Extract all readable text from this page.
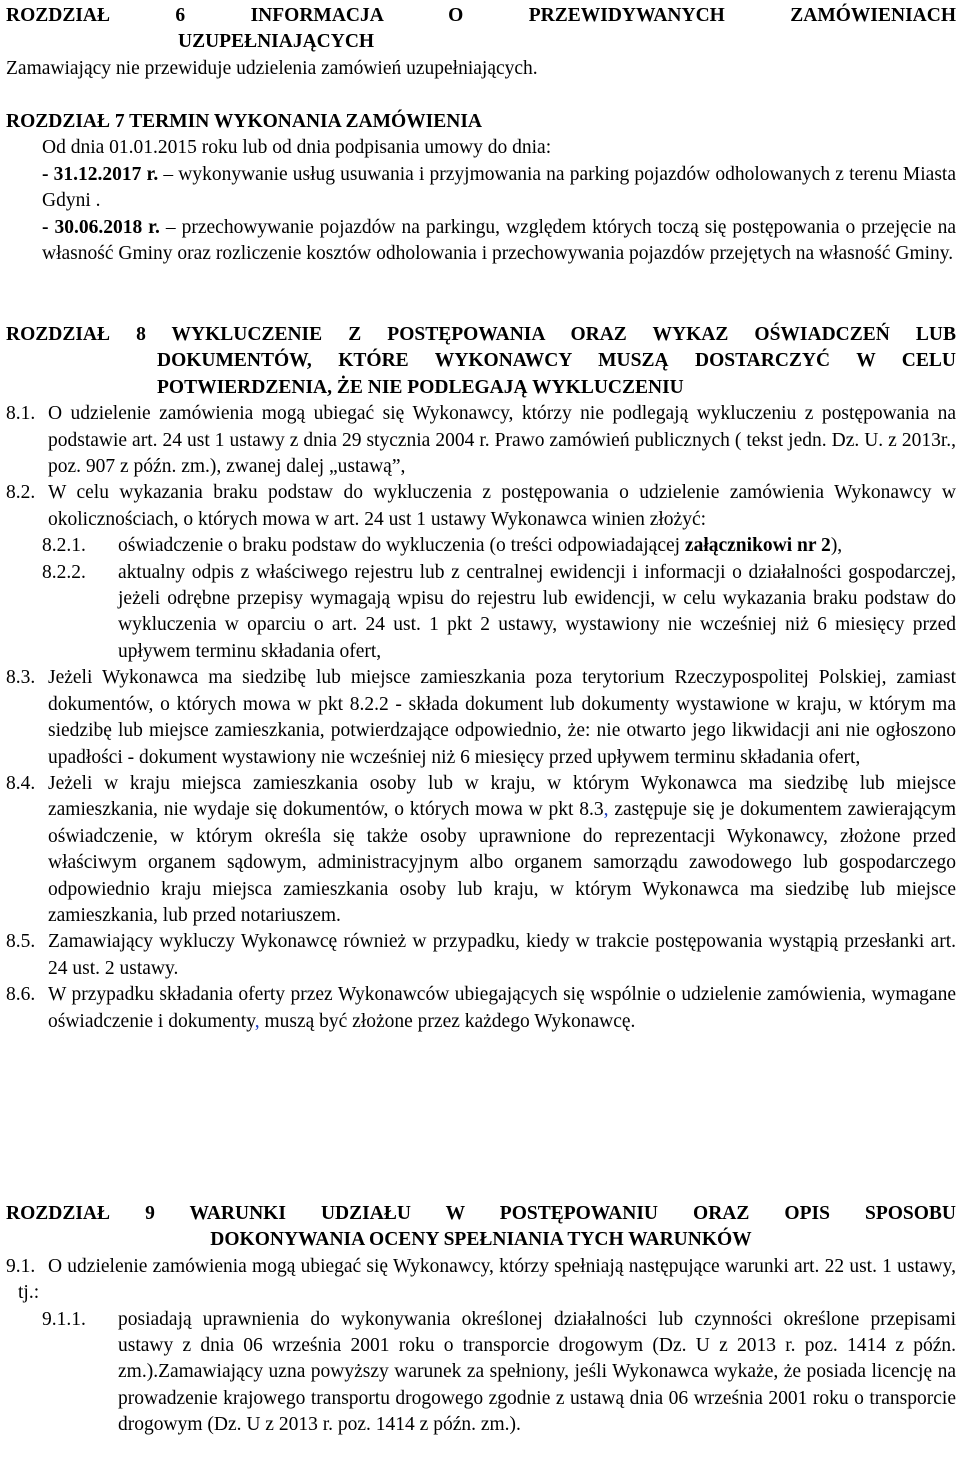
ROZDZIAŁ 6 INFORMACJA O PRZEWIDYWANYCH ZAMÓWIENIACH

UZUPEŁNIAJĄCYCH

Zamawiający nie przewiduje udzielenia zamówień uzupełniających.

ROZDZIAŁ 7 TERMIN WYKONANIA ZAMÓWIENIA

Od dnia 01.01.2015 roku lub od dnia podpisania umowy do dnia:

- 31.12.2017 r. – wykonywanie usług usuwania i przyjmowania na parking pojazdów odholowanych z terenu Miasta Gdyni .

- 30.06.2018 r. – przechowywanie pojazdów na parkingu, względem których toczą się postępowania o przejęcie na własność Gminy oraz rozliczenie kosztów odholowania i przechowywania pojazdów przejętych na własność Gminy.

ROZDZIAŁ 8 WYKLUCZENIE Z POSTĘPOWANIA ORAZ WYKAZ OŚWIADCZEŃ LUB

DOKUMENTÓW, KTÓRE WYKONAWCY MUSZĄ DOSTARCZYĆ W CELU POTWIERDZENIA, ŻE NIE PODLEGAJĄ WYKLUCZENIU

8.1. O udzielenie zamówienia mogą ubiegać się Wykonawcy, którzy nie podlegają wykluczeniu z postępowania na podstawie art. 24 ust 1 ustawy z dnia 29 stycznia 2004 r. Prawo zamówień publicznych ( tekst jedn. Dz. U. z 2013r., poz. 907 z późn. zm.), zwanej dalej „ustawą”,

8.2. W celu wykazania braku podstaw do wykluczenia z postępowania o udzielenie zamówienia Wykonawcy w okolicznościach, o których mowa w art. 24 ust 1 ustawy Wykonawca winien złożyć:

8.2.1.	oświadczenie o braku podstaw do wykluczenia (o treści odpowiadającej załącznikowi nr 2),

8.2.2.	aktualny odpis z właściwego rejestru lub z centralnej ewidencji i informacji o działalności gospodarczej, jeżeli odrębne przepisy wymagają wpisu do rejestru lub ewidencji, w celu wykazania braku podstaw do wykluczenia w oparciu o art. 24 ust. 1 pkt 2 ustawy, wystawiony nie wcześniej niż 6 miesięcy przed upływem terminu składania ofert,

8.3. Jeżeli Wykonawca ma siedzibę lub miejsce zamieszkania poza terytorium Rzeczypospolitej Polskiej, zamiast dokumentów, o których mowa w pkt 8.2.2 - składa dokument lub dokumenty wystawione w kraju, w którym ma siedzibę lub miejsce zamieszkania, potwierdzające odpowiednio, że: nie otwarto jego likwidacji ani nie ogłoszono upadłości - dokument wystawiony nie wcześniej niż 6 miesięcy przed upływem terminu składania ofert,

8.4. Jeżeli w kraju miejsca zamieszkania osoby lub w kraju, w którym Wykonawca ma siedzibę lub miejsce zamieszkania, nie wydaje się dokumentów, o których mowa w pkt 8.3, zastępuje się je dokumentem zawierającym oświadczenie, w którym określa się także osoby uprawnione do reprezentacji Wykonawcy, złożone przed właściwym organem sądowym, administracyjnym albo organem samorządu zawodowego lub gospodarczego odpowiednio kraju miejsca zamieszkania osoby lub kraju, w którym Wykonawca ma siedzibę lub miejsce zamieszkania, lub przed notariuszem.

8.5. Zamawiający wykluczy Wykonawcę również w przypadku, kiedy w trakcie postępowania wystąpią przesłanki art. 24 ust. 2 ustawy.

8.6. W przypadku składania oferty przez Wykonawców ubiegających się wspólnie o udzielenie zamówienia, wymagane oświadczenie i dokumenty, muszą być złożone przez każdego Wykonawcę.

ROZDZIAŁ 9 WARUNKI UDZIAŁU W POSTĘPOWANIU ORAZ OPIS SPOSOBU

DOKONYWANIA OCENY SPEŁNIANIA TYCH WARUNKÓW

9.1. O udzielenie zamówienia mogą ubiegać się Wykonawcy, którzy spełniają następujące warunki art. 22 ust. 1 ustawy, tj.:

9.1.1.	posiadają uprawnienia do wykonywania określonej działalności lub czynności określone przepisami ustawy z dnia 06 września 2001 roku o transporcie drogowym (Dz. U z 2013 r. poz. 1414 z późn. zm.).Zamawiający uzna powyższy warunek za spełniony, jeśli Wykonawca wykaże, że posiada licencję na prowadzenie krajowego transportu drogowego zgodnie z ustawą dnia 06 września 2001 roku o transporcie drogowym (Dz. U z 2013 r. poz. 1414 z późn. zm.).
